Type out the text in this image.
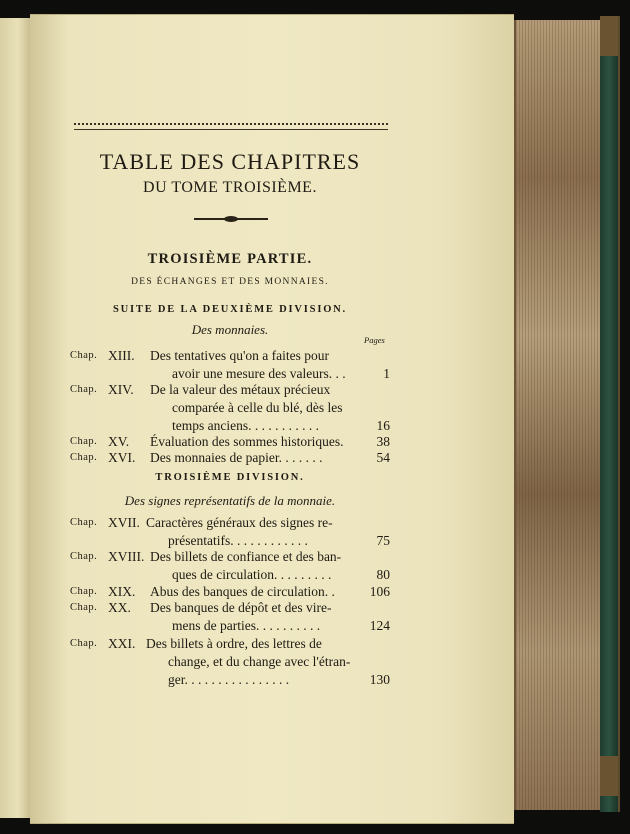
TABLE DES CHAPITRES
DU TOME TROISIÈME.
TROISIÈME PARTIE.
DES ÉCHANGES ET DES MONNAIES.
SUITE DE LA DEUXIÈME DIVISION.
Des monnaies.
Pages
Chap. XIII. Des tentatives qu'on a faites pour
avoir une mesure des valeurs. . .	1
Chap. XIV. De la valeur des métaux précieux
comparée à celle du blé, dès les
temps anciens. . . . . . . . . . .	16
Chap. XV. Évaluation des sommes historiques.	38
Chap. XVI. Des monnaies de papier. . . . . . .	54
TROISIÈME DIVISION.
Des signes représentatifs de la monnaie.
Chap. XVII. Caractères généraux des signes re-
présentatifs. . . . . . . . . . . .	75
Chap. XVIII. Des billets de confiance et des ban-
ques de circulation. . . . . . . . .	80
Chap. XIX. Abus des banques de circulation. .	106
Chap. XX. Des banques de dépôt et des vire-
mens de parties. . . . . . . . . .	124
Chap. XXI. Des billets à ordre, des lettres de
change, et du change avec l'étran-
ger. . . . . . . . . . . . . . . .	130
